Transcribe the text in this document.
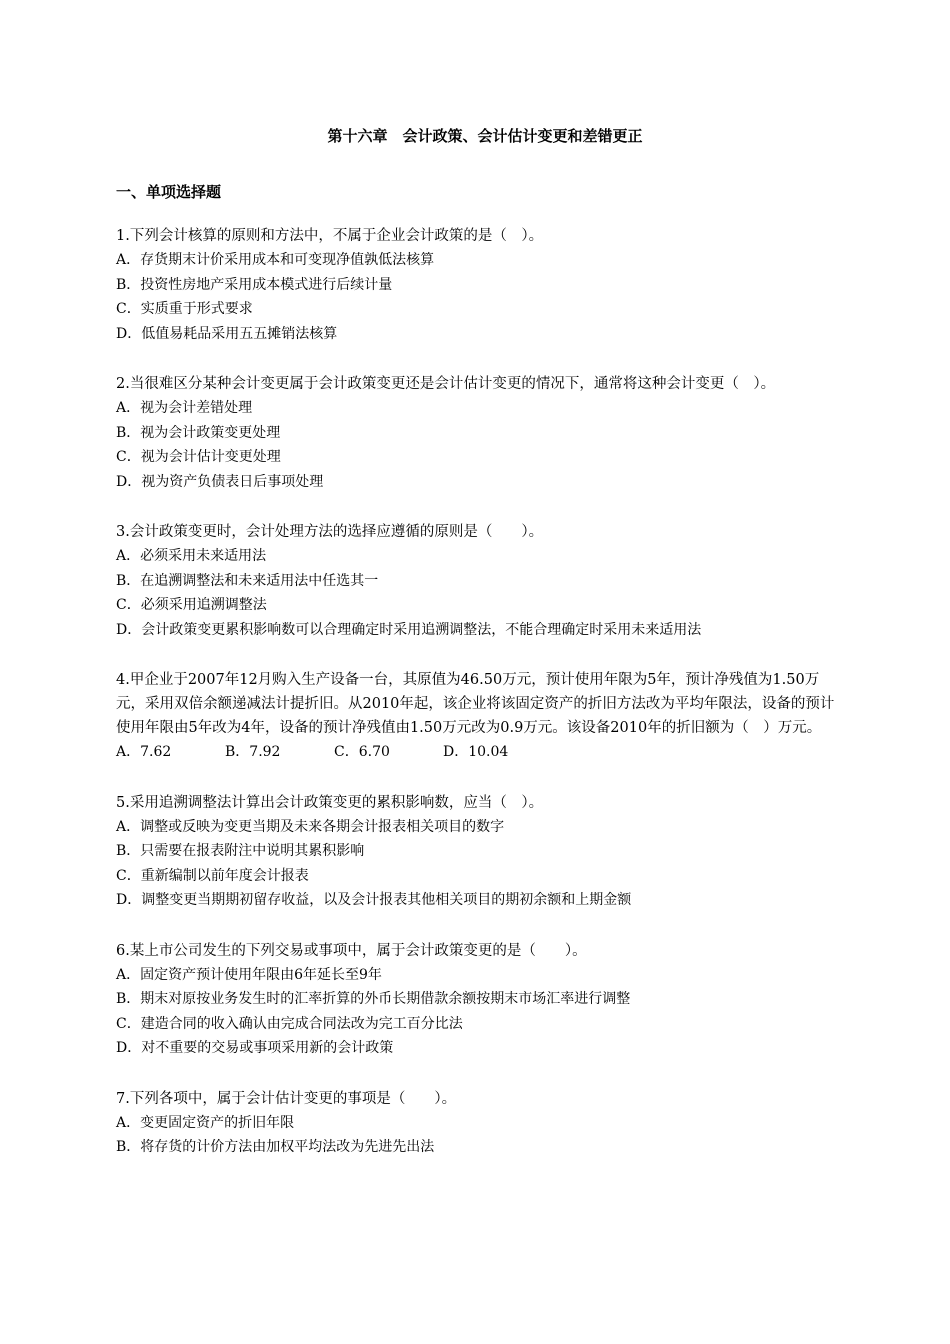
第十六章　会计政策、会计估计变更和差错更正
一、单项选择题

1.下列会计核算的原则和方法中，不属于企业会计政策的是（　）。

A．存货期末计价采用成本和可变现净值孰低法核算

B．投资性房地产采用成本模式进行后续计量

C．实质重于形式要求

D．低值易耗品采用五五摊销法核算

2.当很难区分某种会计变更属于会计政策变更还是会计估计变更的情况下，通常将这种会计变更（　）。

A．视为会计差错处理

B．视为会计政策变更处理

C．视为会计估计变更处理

D．视为资产负债表日后事项处理

3.会计政策变更时，会计处理方法的选择应遵循的原则是（　　）。

A．必须采用未来适用法

B．在追溯调整法和未来适用法中任选其一

C．必须采用追溯调整法

D．会计政策变更累积影响数可以合理确定时采用追溯调整法，不能合理确定时采用未来适用法

4.甲企业于2007年12月购入生产设备一台，其原值为46.50万元，预计使用年限为5年，预计净残值为1.50万元，采用双倍余额递减法计提折旧。从2010年起，该企业将该固定资产的折旧方法改为平均年限法，设备的预计使用年限由5年改为4年，设备的预计净残值由1.50万元改为0.9万元。该设备2010年的折旧额为（　）万元。

A．7.62	B．7.92	C．6.70	D．10.04

5.采用追溯调整法计算出会计政策变更的累积影响数，应当（　）。

A．调整或反映为变更当期及未来各期会计报表相关项目的数字

B．只需要在报表附注中说明其累积影响

C．重新编制以前年度会计报表

D．调整变更当期期初留存收益，以及会计报表其他相关项目的期初余额和上期金额

6.某上市公司发生的下列交易或事项中，属于会计政策变更的是（　　）。

A．固定资产预计使用年限由6年延长至9年

B．期末对原按业务发生时的汇率折算的外币长期借款余额按期末市场汇率进行调整

C．建造合同的收入确认由完成合同法改为完工百分比法

D．对不重要的交易或事项采用新的会计政策

7.下列各项中，属于会计估计变更的事项是（　　）。

A．变更固定资产的折旧年限

B．将存货的计价方法由加权平均法改为先进先出法
